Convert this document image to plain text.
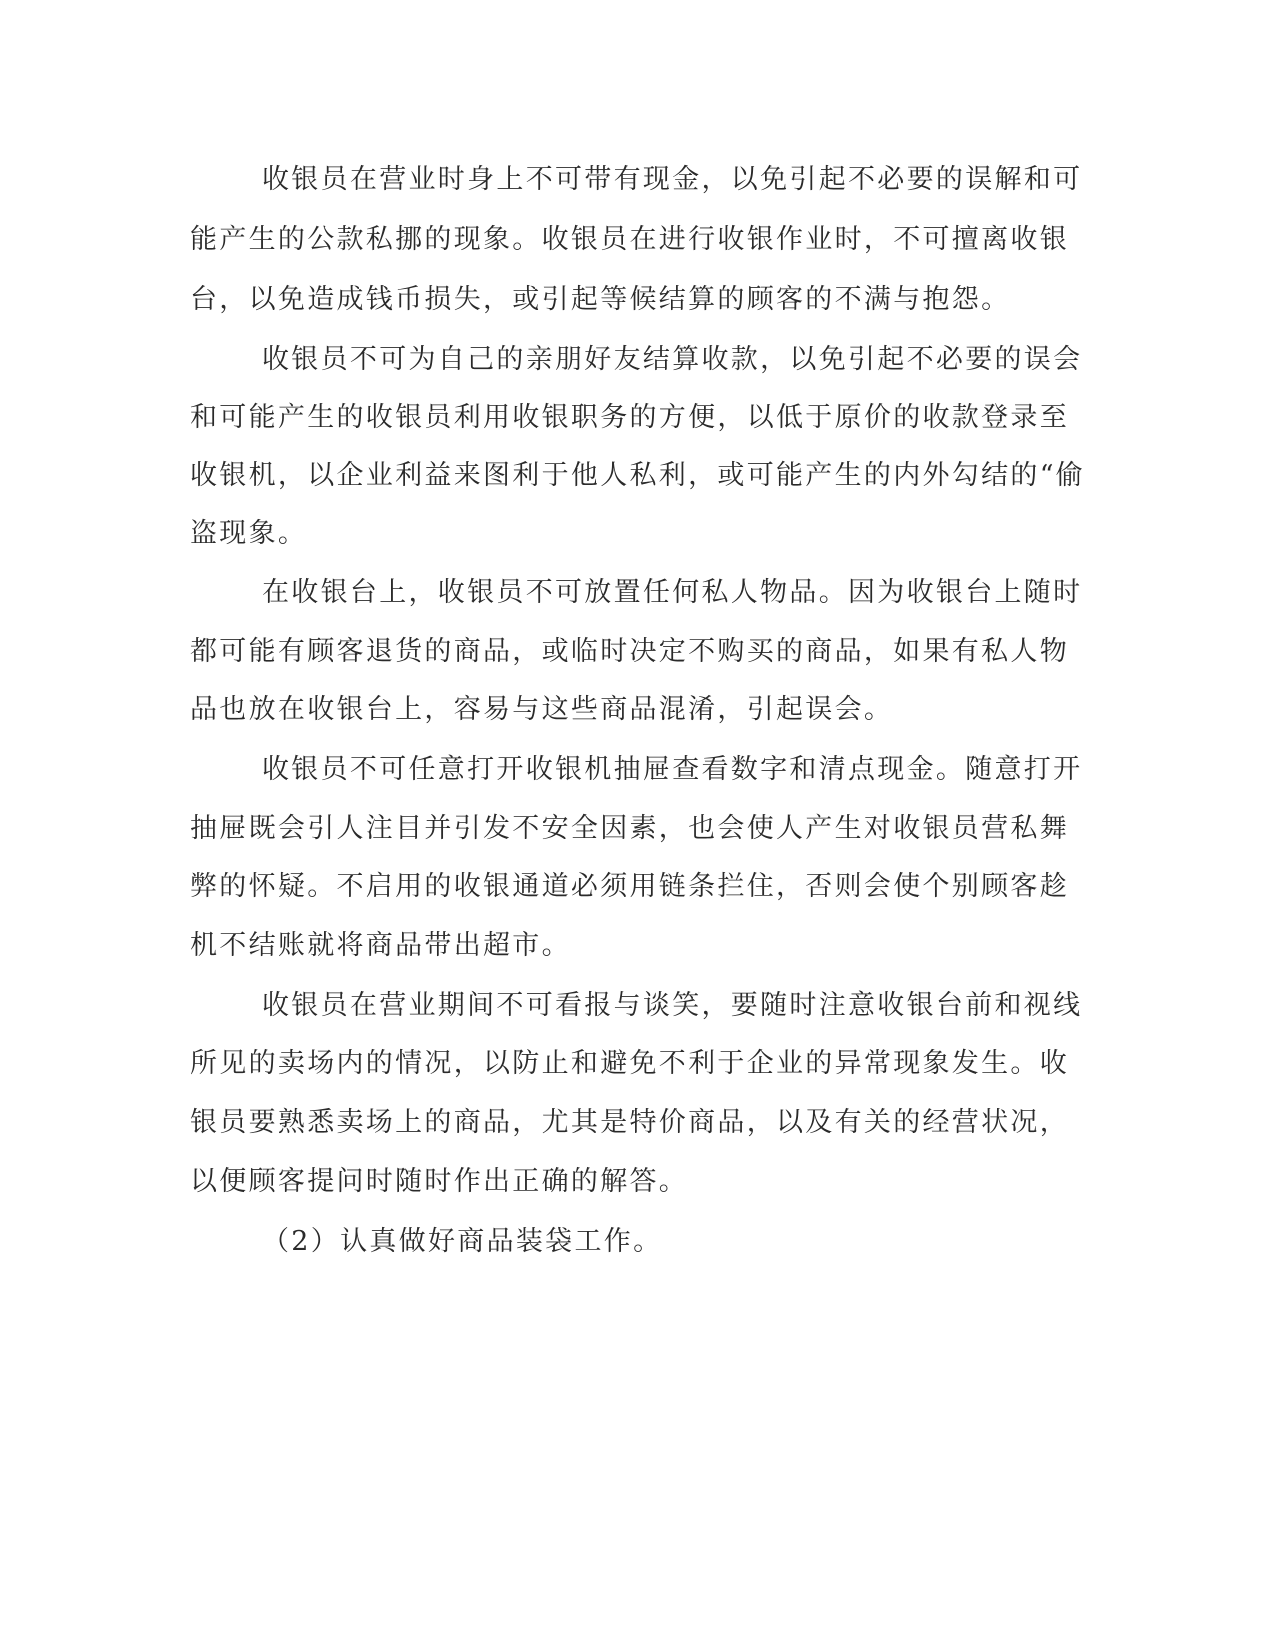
收银员在营业时身上不可带有现金，以免引起不必要的误解和可
能产生的公款私挪的现象。收银员在进行收银作业时，不可擅离收银
台，以免造成钱币损失，或引起等候结算的顾客的不满与抱怨。
收银员不可为自己的亲朋好友结算收款，以免引起不必要的误会
和可能产生的收银员利用收银职务的方便，以低于原价的收款登录至
收银机，以企业利益来图利于他人私利，或可能产生的内外勾结的“偷
盗现象。
在收银台上，收银员不可放置任何私人物品。因为收银台上随时
都可能有顾客退货的商品，或临时决定不购买的商品，如果有私人物
品也放在收银台上，容易与这些商品混淆，引起误会。
收银员不可任意打开收银机抽屉查看数字和清点现金。随意打开
抽屉既会引人注目并引发不安全因素，也会使人产生对收银员营私舞
弊的怀疑。不启用的收银通道必须用链条拦住，否则会使个别顾客趁
机不结账就将商品带出超市。
收银员在营业期间不可看报与谈笑，要随时注意收银台前和视线
所见的卖场内的情况，以防止和避免不利于企业的异常现象发生。收
银员要熟悉卖场上的商品，尤其是特价商品，以及有关的经营状况，
以便顾客提问时随时作出正确的解答。
（2）认真做好商品装袋工作。
